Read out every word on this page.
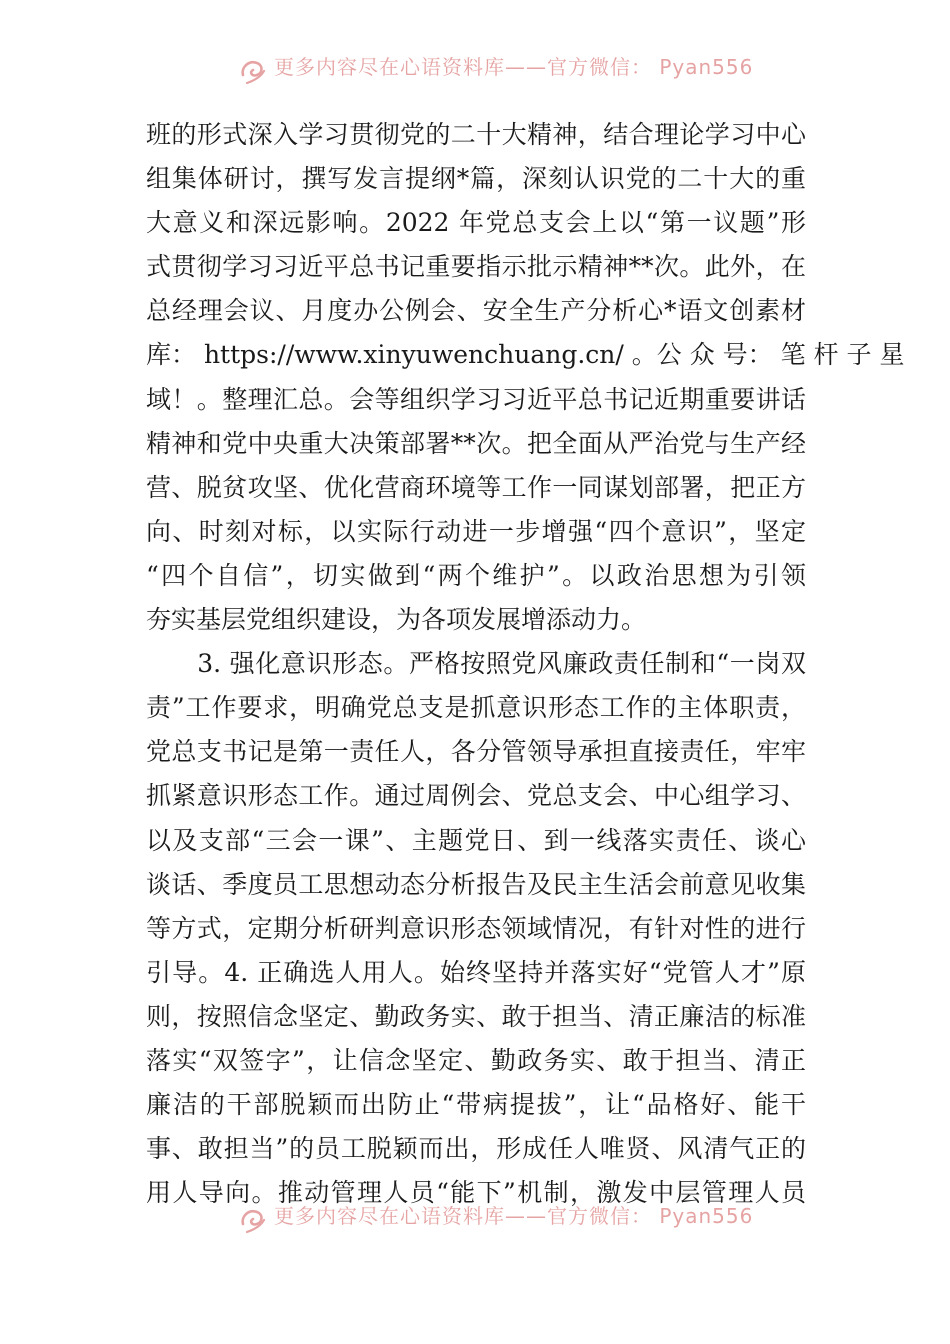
更多内容尽在心语资料库——官方微信： Pyan556
班的形式深入学习贯彻党的二十大精神，结合理论学习中心
组集体研讨，撰写发言提纲*篇，深刻认识党的二十大的重
大意义和深远影响。2022 年党总支会上以“第一议题”形
式贯彻学习习近平总书记重要指示批示精神**次。此外，在
总经理会议、月度办公例会、安全生产分析心*语文创素材
库： https://www.xinyuwenchuang.cn/ 。公 众 号： 笔 杆 子 星
域！。整理汇总。会等组织学习习近平总书记近期重要讲话
精神和党中央重大决策部署**次。把全面从严治党与生产经
营、脱贫攻坚、优化营商环境等工作一同谋划部署，把正方
向、时刻对标，以实际行动进一步增强“四个意识”，坚定
“四个自信”，切实做到“两个维护”。以政治思想为引领
夯实基层党组织建设，为各项发展增添动力。
　　3. 强化意识形态。严格按照党风廉政责任制和“一岗双
责”工作要求，明确党总支是抓意识形态工作的主体职责，
党总支书记是第一责任人，各分管领导承担直接责任，牢牢
抓紧意识形态工作。通过周例会、党总支会、中心组学习、
以及支部“三会一课”、主题党日、到一线落实责任、谈心
谈话、季度员工思想动态分析报告及民主生活会前意见收集
等方式，定期分析研判意识形态领域情况，有针对性的进行
引导。4. 正确选人用人。始终坚持并落实好“党管人才”原
则，按照信念坚定、勤政务实、敢于担当、清正廉洁的标准
落实“双签字”，让信念坚定、勤政务实、敢于担当、清正
廉洁的干部脱颖而出防止“带病提拔”，让“品格好、能干
事、敢担当”的员工脱颖而出，形成任人唯贤、风清气正的
用人导向。推动管理人员“能下”机制，激发中层管理人员
更多内容尽在心语资料库——官方微信： Pyan556
